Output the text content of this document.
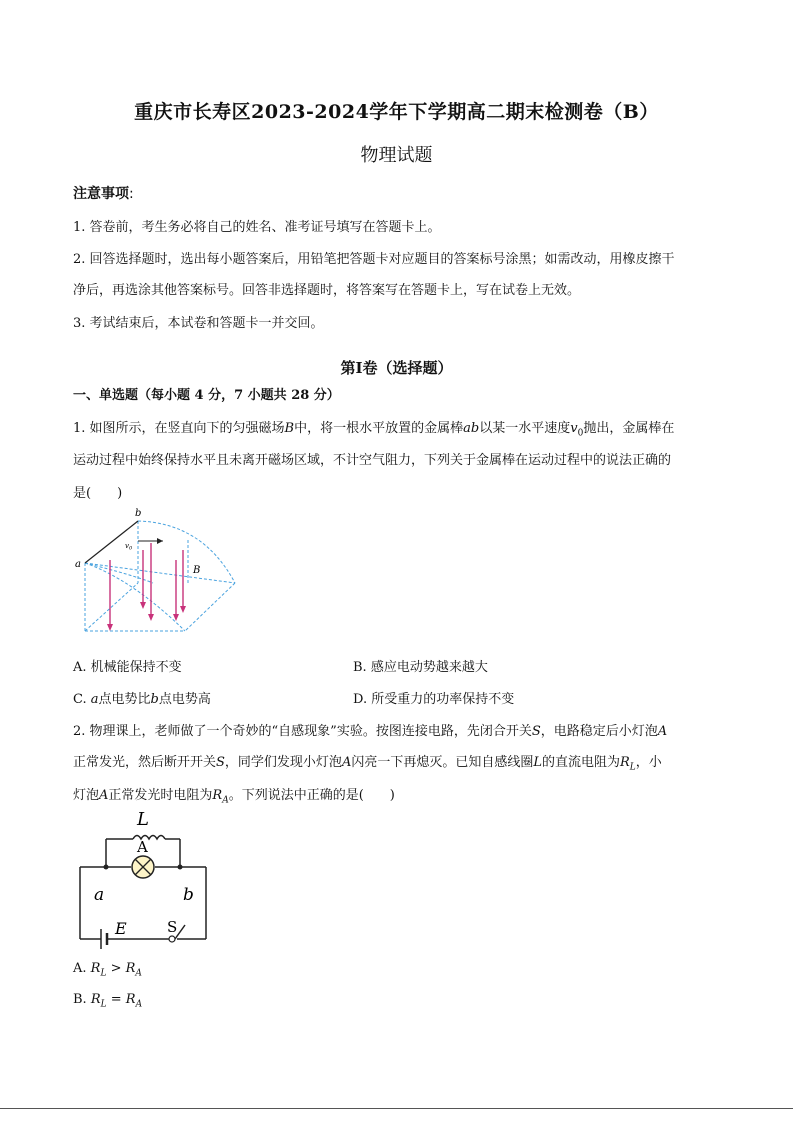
重庆市长寿区2023-2024学年下学期高二期末检测卷（B）
物理试题
注意事项:
1. 答卷前，考生务必将自己的姓名、准考证号填写在答题卡上。
2. 回答选择题时，选出每小题答案后，用铅笔把答题卡对应题目的答案标号涂黑；如需改动，用橡皮擦干
净后，再选涂其他答案标号。回答非选择题时，将答案写在答题卡上，写在试卷上无效。
3. 考试结束后，本试卷和答题卡一并交回。
第Ⅰ卷（选择题）
一、单选题（每小题 4 分，7 小题共 28 分）
1. 如图所示，在竖直向下的匀强磁场B中，将一根水平放置的金属棒ab以某一水平速度$v_0$抛出，金属棒在
运动过程中始终保持水平且未离开磁场区域，不计空气阻力，下列关于金属棒在运动过程中的说法正确的
是(　　)
b
a
$v_0$
B
A. 机械能保持不变	B. 感应电动势越来越大
C. a点电势比b点电势高	D. 所受重力的功率保持不变
2. 物理课上，老师做了一个奇妙的“自感现象”实验。按图连接电路，先闭合开关S，电路稳定后小灯泡A
正常发光，然后断开开关S，同学们发现小灯泡A闪亮一下再熄灭。已知自感线圈L的直流电阻为$R_L$，小
灯泡A正常发光时电阻为$R_A$。下列说法中正确的是(　　)
L
A
a	b
E	S
A. $R_L > R_A$
B. $R_L = R_A$
